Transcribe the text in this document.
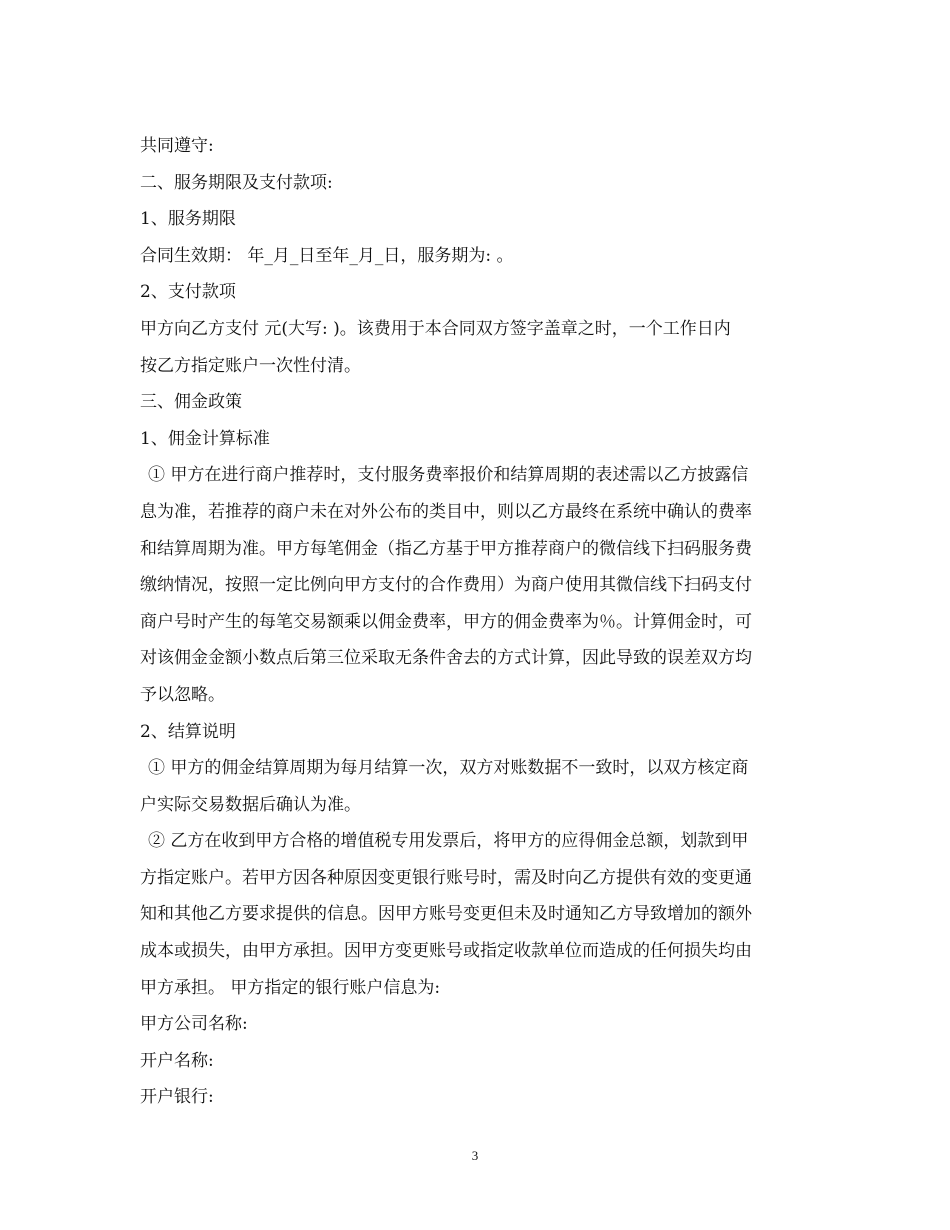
共同遵守:
二、服务期限及支付款项:
1、服务期限
合同生效期： 年_月_日至年_月_日，服务期为: 。
2、支付款项
甲方向乙方支付 元(大写: )。该费用于本合同双方签字盖章之时，一个工作日内
按乙方指定账户一次性付清。
三、佣金政策
1、佣金计算标准
① 甲方在进行商户推荐时，支付服务费率报价和结算周期的表述需以乙方披露信
息为准，若推荐的商户未在对外公布的类目中，则以乙方最终在系统中确认的费率
和结算周期为准。甲方每笔佣金（指乙方基于甲方推荐商户的微信线下扫码服务费
缴纳情况，按照一定比例向甲方支付的合作费用）为商户使用其微信线下扫码支付
商户号时产生的每笔交易额乘以佣金费率，甲方的佣金费率为％。计算佣金时，可
对该佣金金额小数点后第三位采取无条件舍去的方式计算，因此导致的误差双方均
予以忽略。
2、结算说明
① 甲方的佣金结算周期为每月结算一次，双方对账数据不一致时，以双方核定商
户实际交易数据后确认为准。
② 乙方在收到甲方合格的增值税专用发票后，将甲方的应得佣金总额，划款到甲
方指定账户。若甲方因各种原因变更银行账号时，需及时向乙方提供有效的变更通
知和其他乙方要求提供的信息。因甲方账号变更但未及时通知乙方导致增加的额外
成本或损失，由甲方承担。因甲方变更账号或指定收款单位而造成的任何损失均由
甲方承担。 甲方指定的银行账户信息为:
甲方公司名称:
开户名称:
开户银行:
3
